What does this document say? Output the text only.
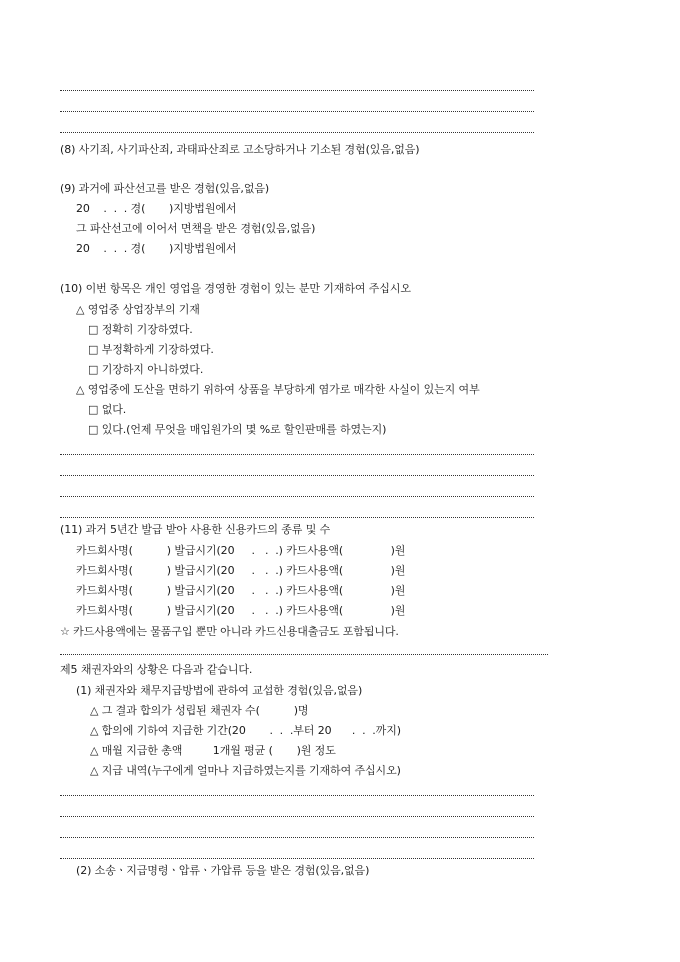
(8) 사기죄, 사기파산죄, 과태파산죄로 고소당하거나 기소된 경험(있음,없음)
(9) 과거에 파산선고를 받은 경험(있음,없음)
20    .  .  . 경(       )지방법원에서
그 파산선고에 이어서 면책을 받은 경험(있음,없음)
20    .  .  . 경(       )지방법원에서
(10) 이번 항목은 개인 영업을 경영한 경험이 있는 분만 기재하여 주십시오
△ 영업중 상업장부의 기재
□ 정확히 기장하였다.
□ 부정확하게 기장하였다.
□ 기장하지 아니하였다.
△ 영업중에 도산을 면하기 위하여 상품을 부당하게 염가로 매각한 사실이 있는지 여부
□ 없다.
□ 있다.(언제 무엇을 매입원가의 몇 %로 할인판매를 하였는지)
(11) 과거 5년간 발급 받아 사용한 신용카드의 종류 및 수
카드회사명(          ) 발급시기(20     .   .  .) 카드사용액(              )원
카드회사명(          ) 발급시기(20     .   .  .) 카드사용액(              )원
카드회사명(          ) 발급시기(20     .   .  .) 카드사용액(              )원
카드회사명(          ) 발급시기(20     .   .  .) 카드사용액(              )원
☆ 카드사용액에는 물품구입 뿐만 아니라 카드신용대출금도 포함됩니다.
제5 채권자와의 상황은 다음과 같습니다.
(1) 채권자와 채무지급방법에 관하여 교섭한 경험(있음,없음)
△ 그 결과 합의가 성립된 채권자 수(          )명
△ 합의에 기하여 지급한 기간(20       .  .  .부터 20      .  .  .까지)
△ 매월 지급한 총액         1개월 평균 (       )원 정도
△ 지급 내역(누구에게 얼마나 지급하였는지를 기재하여 주십시오)
(2) 소송ㆍ지급명령ㆍ압류ㆍ가압류 등을 받은 경험(있음,없음)
